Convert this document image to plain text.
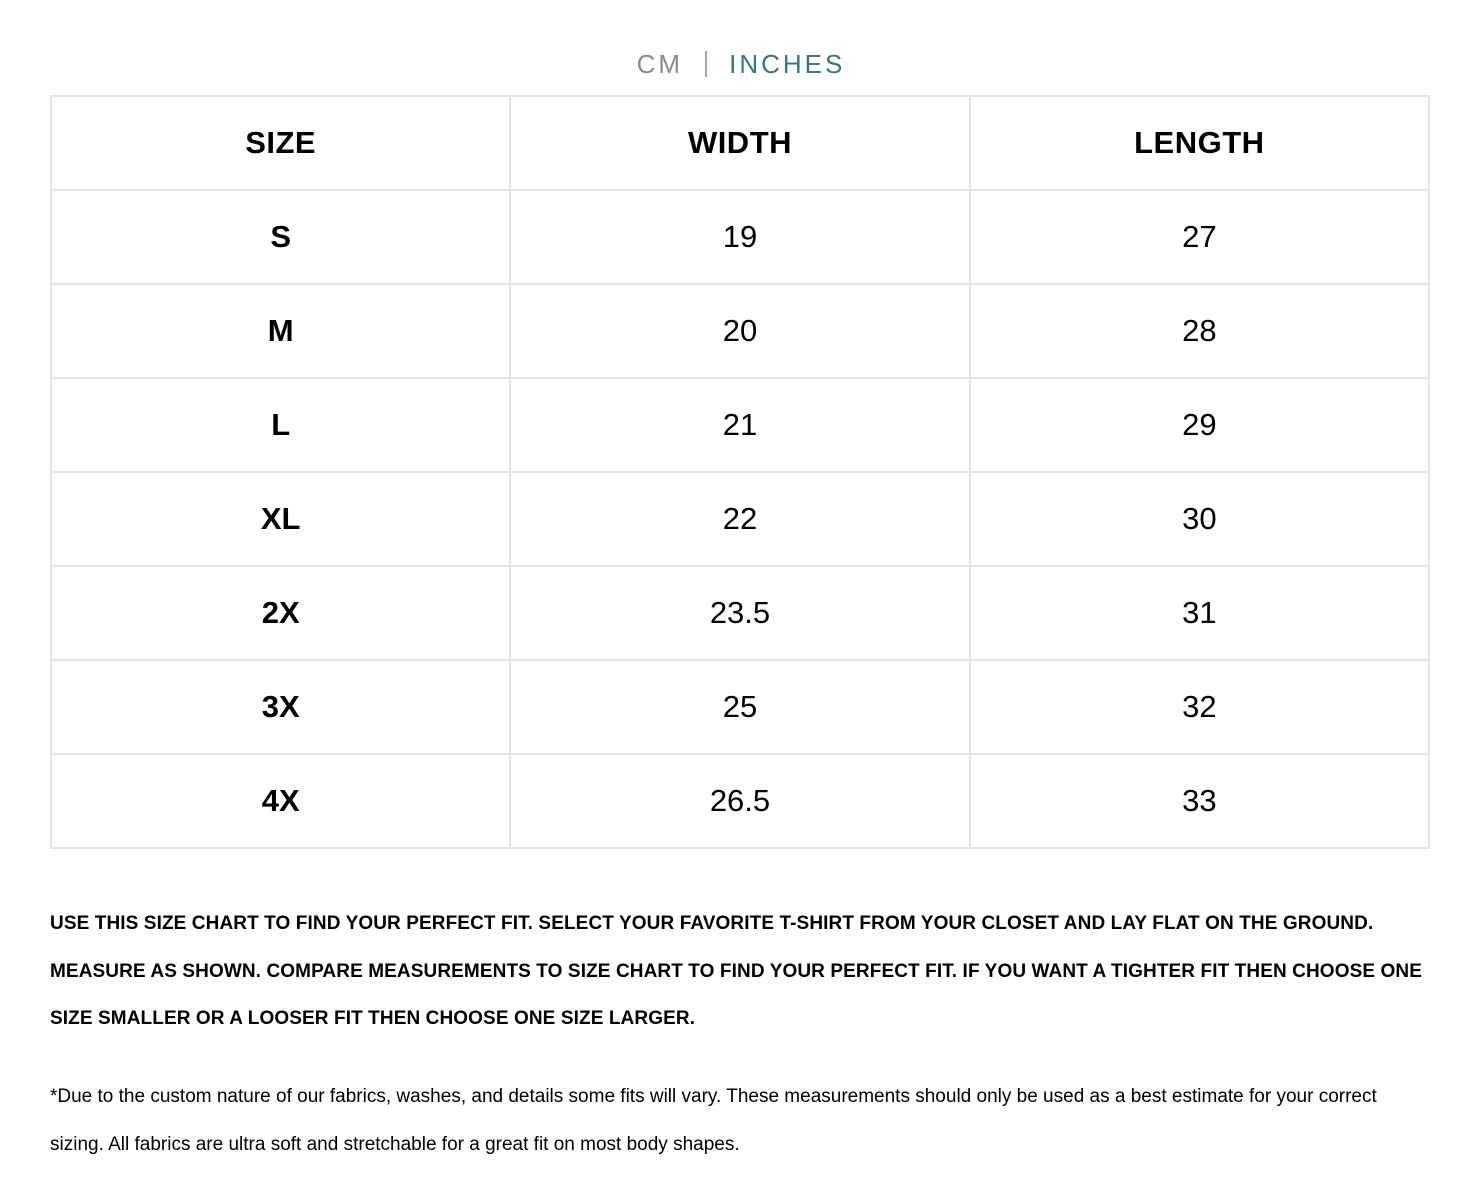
CM INCHES
SIZE	WIDTH	LENGTH
S	19	27
M	20	28
L	21	29
XL	22	30
2X	23.5	31
3X	25	32
4X	26.5	33

USE THIS SIZE CHART TO FIND YOUR PERFECT FIT. SELECT YOUR FAVORITE T-SHIRT FROM YOUR CLOSET AND LAY FLAT ON THE GROUND. MEASURE AS SHOWN. COMPARE MEASUREMENTS TO SIZE CHART TO FIND YOUR PERFECT FIT. IF YOU WANT A TIGHTER FIT THEN CHOOSE ONE SIZE SMALLER OR A LOOSER FIT THEN CHOOSE ONE SIZE LARGER.

*Due to the custom nature of our fabrics, washes, and details some fits will vary. These measurements should only be used as a best estimate for your correct sizing. All fabrics are ultra soft and stretchable for a great fit on most body shapes.
